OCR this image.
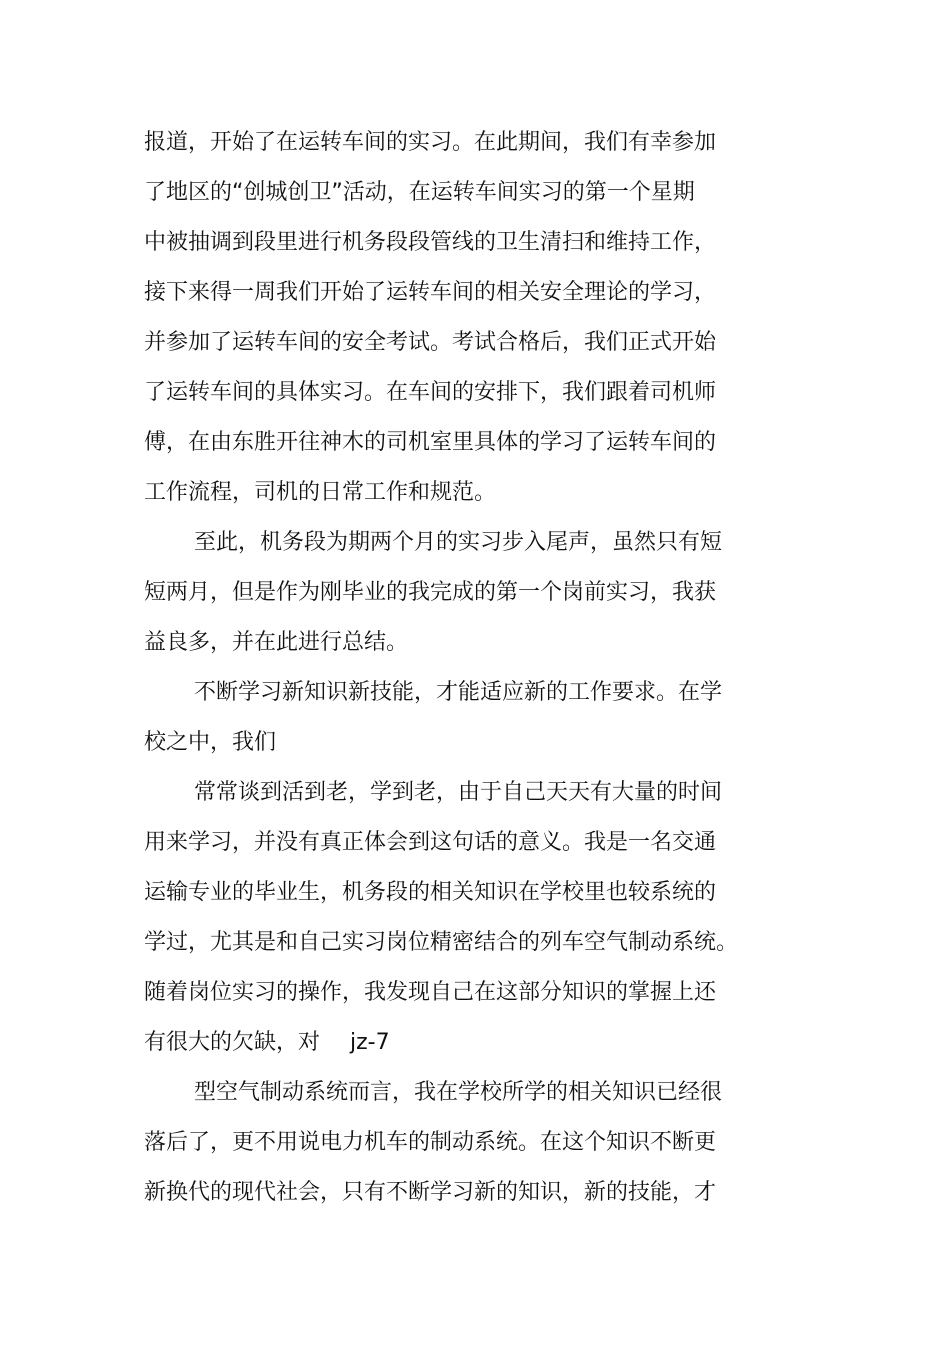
报道，开始了在运转车间的实习。在此期间，我们有幸参加
了地区的“创城创卫”活动，在运转车间实习的第一个星期
中被抽调到段里进行机务段段管线的卫生清扫和维持工作，
接下来得一周我们开始了运转车间的相关安全理论的学习，
并参加了运转车间的安全考试。考试合格后，我们正式开始
了运转车间的具体实习。在车间的安排下，我们跟着司机师
傅，在由东胜开往神木的司机室里具体的学习了运转车间的
工作流程，司机的日常工作和规范。
至此，机务段为期两个月的实习步入尾声，虽然只有短
短两月，但是作为刚毕业的我完成的第一个岗前实习，我获
益良多，并在此进行总结。
不断学习新知识新技能，才能适应新的工作要求。在学
校之中，我们
常常谈到活到老，学到老，由于自己天天有大量的时间
用来学习，并没有真正体会到这句话的意义。我是一名交通
运输专业的毕业生，机务段的相关知识在学校里也较系统的
学过，尤其是和自己实习岗位精密结合的列车空气制动系统。
随着岗位实习的操作，我发现自己在这部分知识的掌握上还
有很大的欠缺，对 jz-7
型空气制动系统而言，我在学校所学的相关知识已经很
落后了，更不用说电力机车的制动系统。在这个知识不断更
新换代的现代社会，只有不断学习新的知识，新的技能，才
